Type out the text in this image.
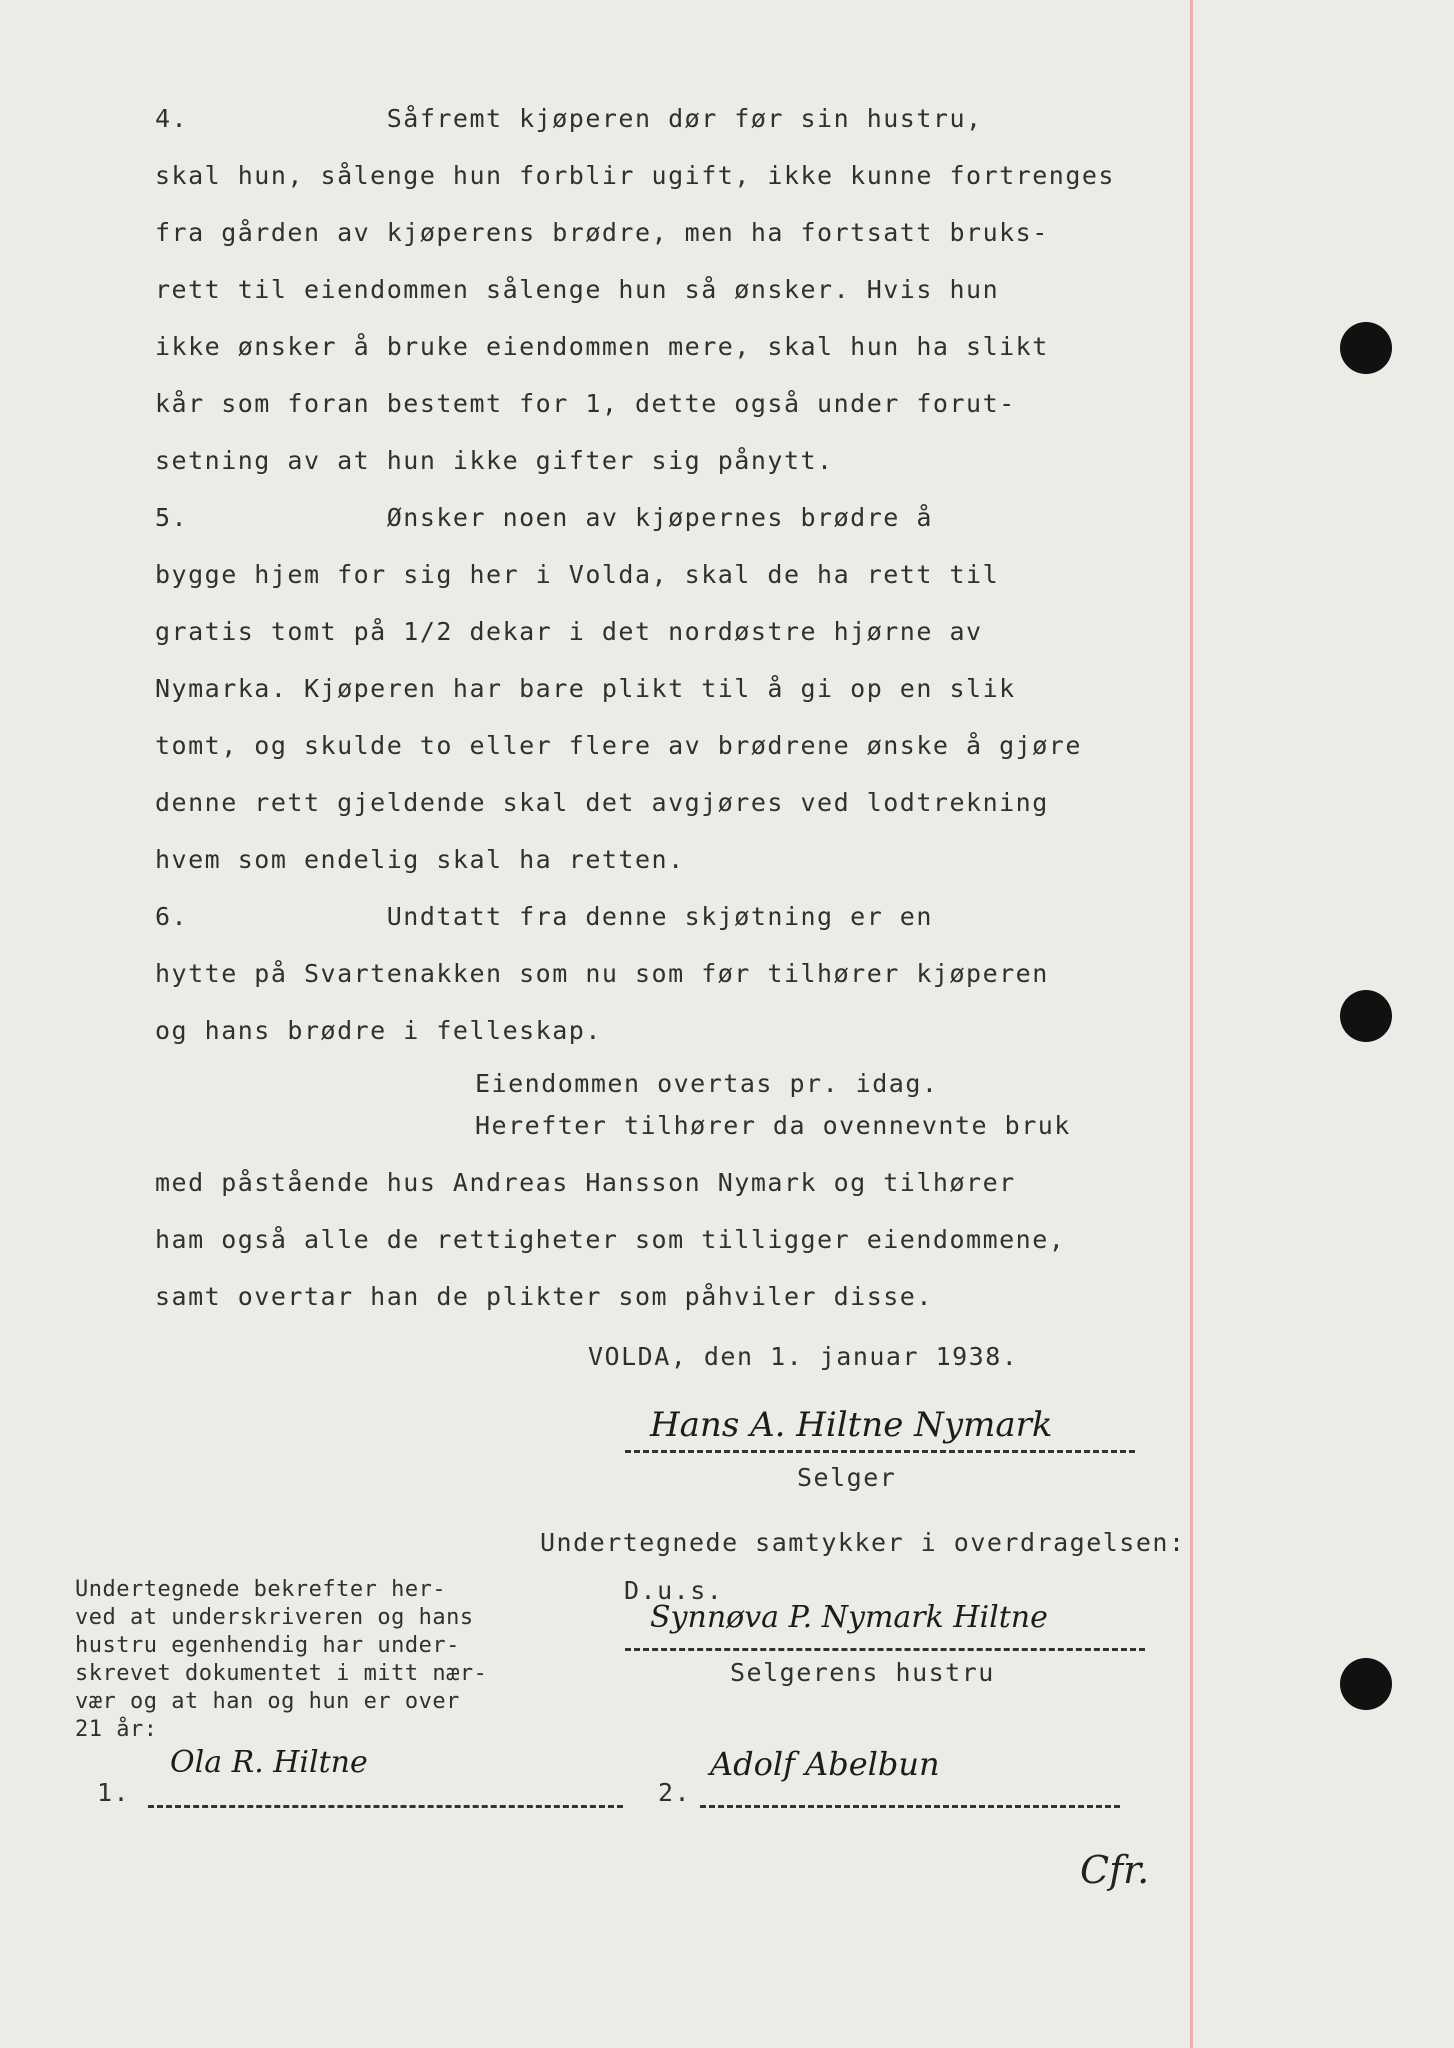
4.            Såfremt kjøperen dør før sin hustru,
skal hun, sålenge hun forblir ugift, ikke kunne fortrenges
fra gården av kjøperens brødre, men ha fortsatt bruks-
rett til eiendommen sålenge hun så ønsker. Hvis hun
ikke ønsker å bruke eiendommen mere, skal hun ha slikt
kår som foran bestemt for 1, dette også under forut-
setning av at hun ikke gifter sig pånytt.
5.            Ønsker noen av kjøpernes brødre å
bygge hjem for sig her i Volda, skal de ha rett til
gratis tomt på 1/2 dekar i det nordøstre hjørne av
Nymarka. Kjøperen har bare plikt til å gi op en slik
tomt, og skulde to eller flere av brødrene ønske å gjøre
denne rett gjeldende skal det avgjøres ved lodtrekning
hvem som endelig skal ha retten.
6.            Undtatt fra denne skjøtning er en
hytte på Svartenakken som nu som før tilhører kjøperen
og hans brødre i felleskap.
Eiendommen overtas pr. idag.
Herefter tilhører da ovennevnte bruk
med påstående hus Andreas Hansson Nymark og tilhører
ham også alle de rettigheter som tilligger eiendommene,
samt overtar han de plikter som påhviler disse.
VOLDA, den 1. januar 1938.
Hans A. Hiltne Nymark
Selger
Undertegnede samtykker i overdragelsen:
Undertegnede bekrefter her-
ved at underskriveren og hans
hustru egenhendig har under-
skrevet dokumentet i mitt nær-
vær og at han og hun er over
21 år:
D.u.s.
Synnøva P. Nymark Hiltne
Selgerens hustru
1.
Ola R. Hiltne
2.
Adolf Abelbun
Cfr.
